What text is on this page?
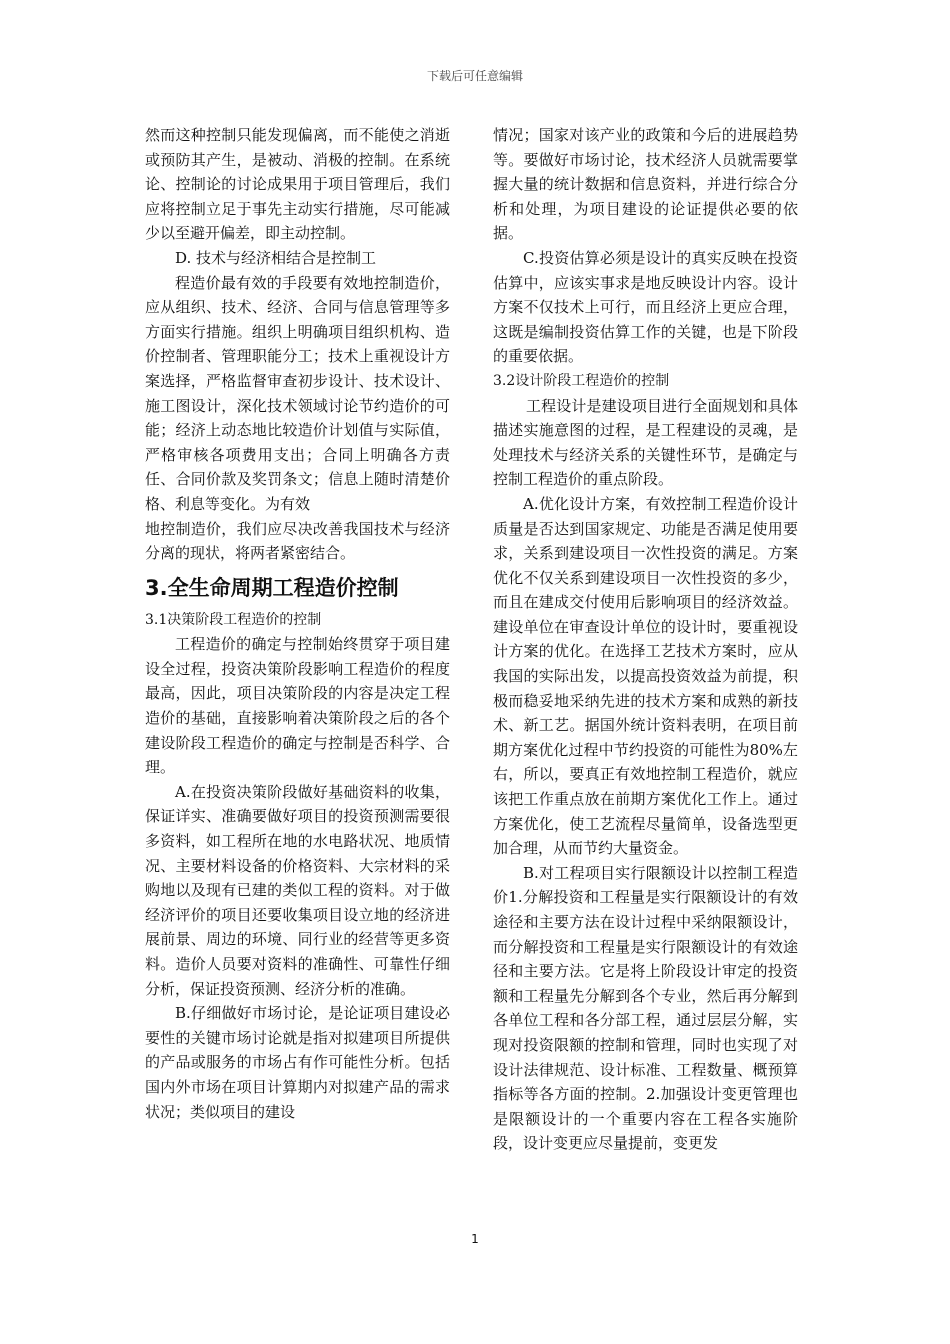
下载后可任意编辑

然而这种控制只能发现偏离，而不能使之消逝或预防其产生，是被动、消极的控制。在系统论、控制论的讨论成果用于项目管理后，我们应将控制立足于事先主动实行措施，尽可能减少以至避开偏差，即主动控制。

D. 技术与经济相结合是控制工

程造价最有效的手段要有效地控制造价，应从组织、技术、经济、合同与信息管理等多方面实行措施。组织上明确项目组织机构、造价控制者、管理职能分工；技术上重视设计方案选择，严格监督审查初步设计、技术设计、施工图设计，深化技术领域讨论节约造价的可能；经济上动态地比较造价计划值与实际值，严格审核各项费用支出；合同上明确各方责任、合同价款及奖罚条文；信息上随时清楚价格、利息等变化。为有效

地控制造价，我们应尽决改善我国技术与经济分离的现状，将两者紧密结合。

3.全生命周期工程造价控制

3.1决策阶段工程造价的控制

工程造价的确定与控制始终贯穿于项目建设全过程，投资决策阶段影响工程造价的程度最高，因此，项目决策阶段的内容是决定工程造价的基础，直接影响着决策阶段之后的各个建设阶段工程造价的确定与控制是否科学、合理。

A.在投资决策阶段做好基础资料的收集，保证详实、准确要做好项目的投资预测需要很多资料，如工程所在地的水电路状况、地质情况、主要材料设备的价格资料、大宗材料的采购地以及现有已建的类似工程的资料。对于做经济评价的项目还要收集项目设立地的经济进展前景、周边的环境、同行业的经营等更多资料。造价人员要对资料的准确性、可靠性仔细分析，保证投资预测、经济分析的准确。

B.仔细做好市场讨论，是论证项目建设必要性的关键市场讨论就是指对拟建项目所提供的产品或服务的市场占有作可能性分析。包括国内外市场在项目计算期内对拟建产品的需求状况；类似项目的建设

情况；国家对该产业的政策和今后的进展趋势等。要做好市场讨论，技术经济人员就需要掌握大量的统计数据和信息资料，并进行综合分析和处理，为项目建设的论证提供必要的依据。

C.投资估算必须是设计的真实反映在投资估算中，应该实事求是地反映设计内容。设计方案不仅技术上可行，而且经济上更应合理，这既是编制投资估算工作的关键，也是下阶段的重要依据。

3.2设计阶段工程造价的控制

工程设计是建设项目进行全面规划和具体描述实施意图的过程，是工程建设的灵魂，是处理技术与经济关系的关键性环节，是确定与控制工程造价的重点阶段。

A.优化设计方案，有效控制工程造价设计质量是否达到国家规定、功能是否满足使用要求，关系到建设项目一次性投资的满足。方案优化不仅关系到建设项目一次性投资的多少，而且在建成交付使用后影响项目的经济效益。建设单位在审查设计单位的设计时，要重视设计方案的优化。在选择工艺技术方案时，应从我国的实际出发，以提高投资效益为前提，积极而稳妥地采纳先进的技术方案和成熟的新技术、新工艺。据国外统计资料表明，在项目前期方案优化过程中节约投资的可能性为80%左右，所以，要真正有效地控制工程造价，就应该把工作重点放在前期方案优化工作上。通过方案优化，使工艺流程尽量简单，设备选型更加合理，从而节约大量资金。

B.对工程项目实行限额设计以控制工程造价1.分解投资和工程量是实行限额设计的有效途径和主要方法在设计过程中采纳限额设计，而分解投资和工程量是实行限额设计的有效途径和主要方法。它是将上阶段设计审定的投资额和工程量先分解到各个专业，然后再分解到各单位工程和各分部工程，通过层层分解，实现对投资限额的控制和管理，同时也实现了对设计法律规范、设计标准、工程数量、概预算指标等各方面的控制。2.加强设计变更管理也是限额设计的一个重要内容在工程各实施阶段，设计变更应尽量提前，变更发

1
